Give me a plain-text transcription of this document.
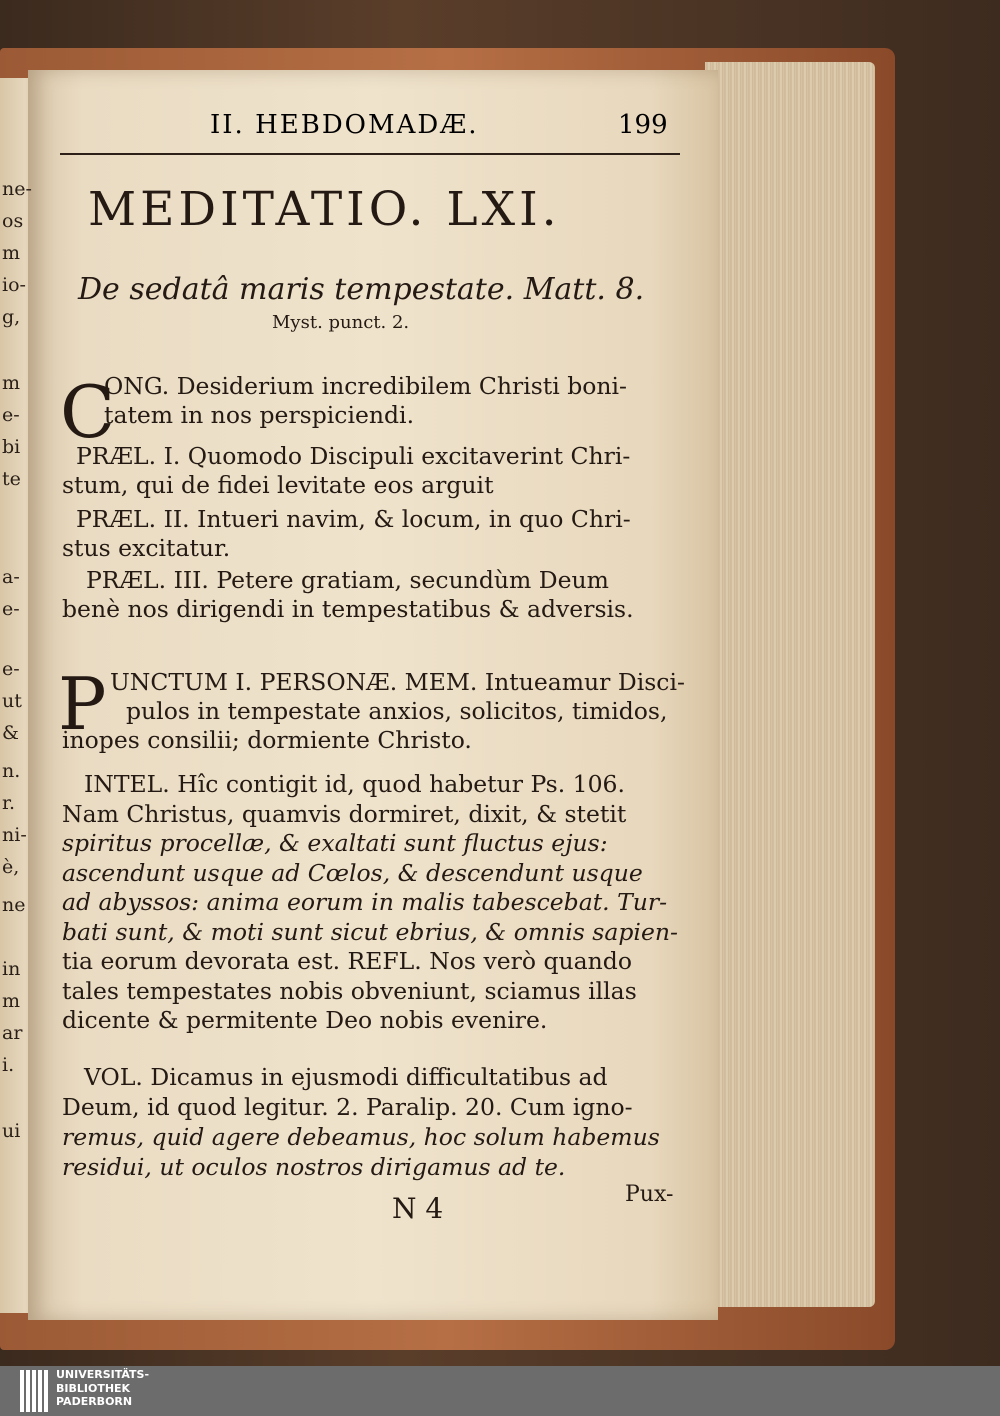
ne-
os
m
io-
g,
m
e-
bi
te
a-
e-
e-
ut
&
n.
r.
ni-
è,
ne
in
m
ar
i.
ui
II. HEBDOMADÆ.	199
MEDITATIO. LXI.
De sedatâ maris tempestate. Matt. 8.
Myst. punct. 2.
C
ONG. Desiderium incredibilem Christi boni-
tatem in nos perspiciendi.
PRÆL. I. Quomodo Discipuli excitaverint Chri-
stum, qui de fidei levitate eos arguit
PRÆL. II. Intueri navim, & locum, in quo Chri-
stus excitatur.
PRÆL. III. Petere gratiam, secundùm Deum
benè nos dirigendi in tempestatibus & adversis.
P UNCTUM I. PERSONÆ. MEM. Intueamur Disci-
pulos in tempestate anxios, solicitos, timidos,
inopes consilii; dormiente Christo.
INTEL. Hîc contigit id, quod habetur Ps. 106.
Nam Christus, quamvis dormiret, dixit, & stetit
spiritus procellæ, & exaltati sunt fluctus ejus:
ascendunt usque ad Cœlos, & descendunt usque
ad abyssos: anima eorum in malis tabescebat. Tur-
bati sunt, & moti sunt sicut ebrius, & omnis sapien-
tia eorum devorata est. REFL. Nos verò quando
tales tempestates nobis obveniunt, sciamus illas
dicente & permitente Deo nobis evenire.
VOL. Dicamus in ejusmodi difficultatibus ad
Deum, id quod legitur. 2. Paralip. 20. Cum igno-
remus, quid agere debeamus, hoc solum habemus
residui, ut oculos nostros dirigamus ad te.
N 4	Pux-
UNIVERSITÄTS-
BIBLIOTHEK
PADERBORN
